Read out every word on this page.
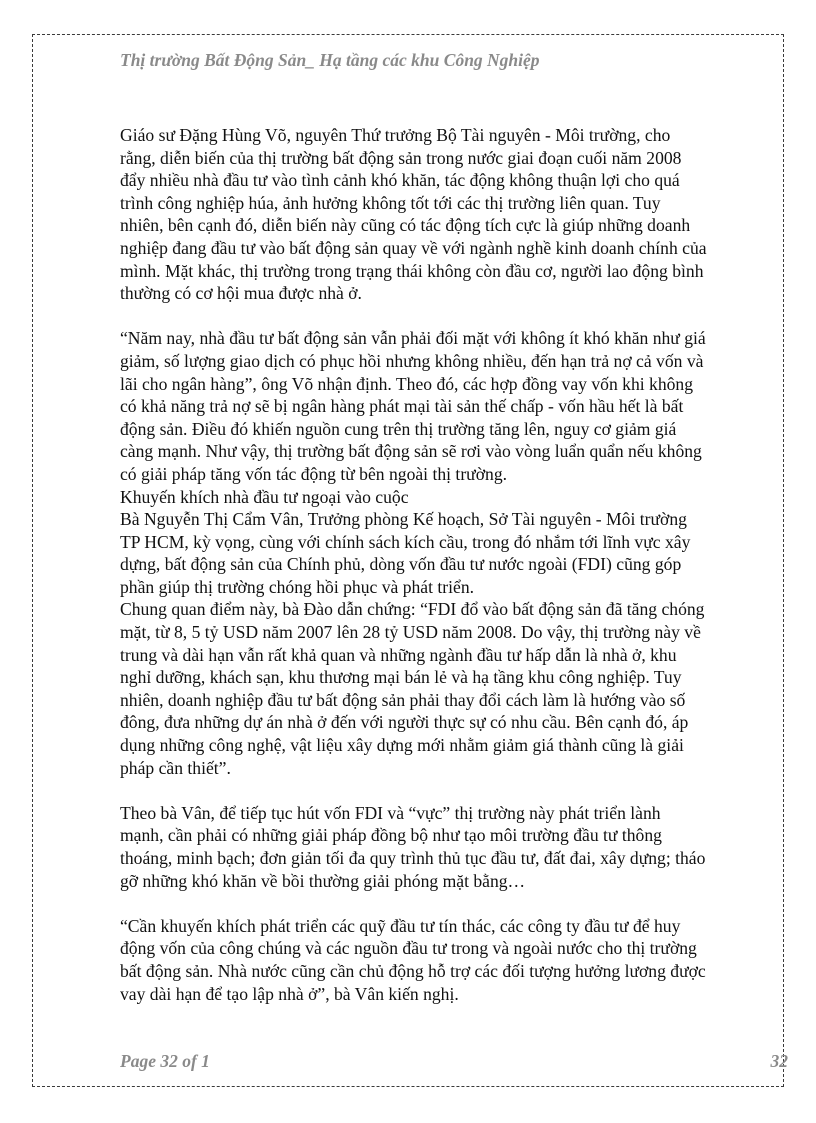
Thị trường Bất Động Sản_ Hạ tầng các khu Công Nghiệp
Giáo sư Đặng Hùng Võ, nguyên Thứ trưởng Bộ Tài nguyên - Môi trường, cho
rằng, diễn biến của thị trường bất động sản trong nước giai đoạn cuối năm 2008
đẩy nhiều nhà đầu tư vào tình cảnh khó khăn, tác động không thuận lợi cho quá
trình công nghiệp húa, ảnh hưởng không tốt tới các thị trường liên quan. Tuy
nhiên, bên cạnh đó, diễn biến này cũng có tác động tích cực là giúp những doanh
nghiệp đang đầu tư vào bất động sản quay về với ngành nghề kinh doanh chính của
mình. Mặt khác, thị trường trong trạng thái không còn đầu cơ, người lao động bình
thường có cơ hội mua được nhà ở.
“Năm nay, nhà đầu tư bất động sản vẫn phải đối mặt với không ít khó khăn như giá
giảm, số lượng giao dịch có phục hồi nhưng không nhiều, đến hạn trả nợ cả vốn và
lãi cho ngân hàng”, ông Võ nhận định. Theo đó, các hợp đồng vay vốn khi không
có khả năng trả nợ sẽ bị ngân hàng phát mại tài sản thế chấp - vốn hầu hết là bất
động sản. Điều đó khiến nguồn cung trên thị trường tăng lên, nguy cơ giảm giá
càng mạnh. Như vậy, thị trường bất động sản sẽ rơi vào vòng luẩn quẩn nếu không
có giải pháp tăng vốn tác động từ bên ngoài thị trường.
Khuyến khích nhà đầu tư ngoại vào cuộc
Bà Nguyễn Thị Cẩm Vân, Trưởng phòng Kế hoạch, Sở Tài nguyên - Môi trường
TP HCM, kỳ vọng, cùng với chính sách kích cầu, trong đó nhắm tới lĩnh vực xây
dựng, bất động sản của Chính phủ, dòng vốn đầu tư nước ngoài (FDI) cũng góp
phần giúp thị trường chóng hồi phục và phát triển.
Chung quan điểm này, bà Đào dẫn chứng: “FDI đổ vào bất động sản đã tăng chóng
mặt, từ 8, 5 tỷ USD năm 2007 lên 28 tỷ USD năm 2008. Do vậy, thị trường này về
trung và dài hạn vẫn rất khả quan và những ngành đầu tư hấp dẫn là nhà ở, khu
nghỉ dưỡng, khách sạn, khu thương mại bán lẻ và hạ tầng khu công nghiệp. Tuy
nhiên, doanh nghiệp đầu tư bất động sản phải thay đổi cách làm là hướng vào số
đông, đưa những dự án nhà ở đến với người thực sự có nhu cầu. Bên cạnh đó, áp
dụng những công nghệ, vật liệu xây dựng mới nhằm giảm giá thành cũng là giải
pháp cần thiết”.
Theo bà Vân, để tiếp tục hút vốn FDI và “vực” thị trường này phát triển lành
mạnh, cần phải có những giải pháp đồng bộ như tạo môi trường đầu tư thông
thoáng, minh bạch; đơn giản tối đa quy trình thủ tục đầu tư, đất đai, xây dựng; tháo
gỡ những khó khăn về bồi thường giải phóng mặt bằng…
“Cần khuyến khích phát triển các quỹ đầu tư tín thác, các công ty đầu tư để huy
động vốn của công chúng và các nguồn đầu tư trong và ngoài nước cho thị trường
bất động sản. Nhà nước cũng cần chủ động hỗ trợ các đối tượng hưởng lương được
vay dài hạn để tạo lập nhà ở”, bà Vân kiến nghị.
Page 32 of 1	32
